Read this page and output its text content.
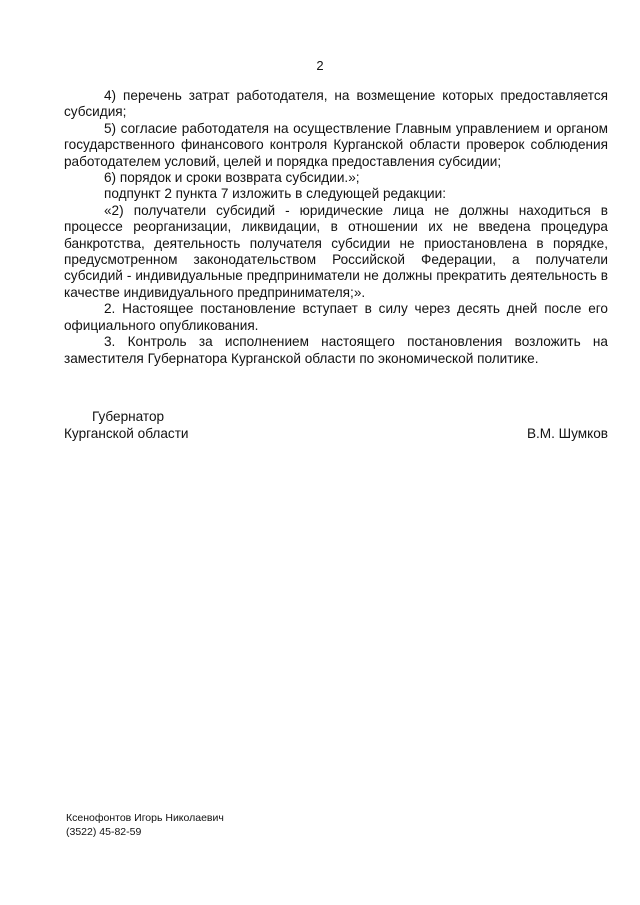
2

4) перечень затрат работодателя, на возмещение которых предоставляется субсидия;

5) согласие работодателя на осуществление Главным управлением и органом государственного финансового контроля Курганской области проверок соблюдения работодателем условий, целей и порядка предоставления субсидии;

6) порядок и сроки возврата субсидии.»;

подпункт 2 пункта 7 изложить в следующей редакции:

«2) получатели субсидий - юридические лица не должны находиться в процессе реорганизации, ликвидации, в отношении их не введена процедура банкротства, деятельность получателя субсидии не приостановлена в порядке, предусмотренном законодательством Российской Федерации, а получатели субсидий - индивидуальные предприниматели не должны прекратить деятельность в качестве индивидуального предпринимателя;».

2. Настоящее постановление вступает в силу через десять дней после его официального опубликования.

3. Контроль за исполнением настоящего постановления возложить на заместителя Губернатора Курганской области по экономической политике.

Губернатор
Курганской области	В.М. Шумков
Ксенофонтов Игорь Николаевич
(3522) 45-82-59
